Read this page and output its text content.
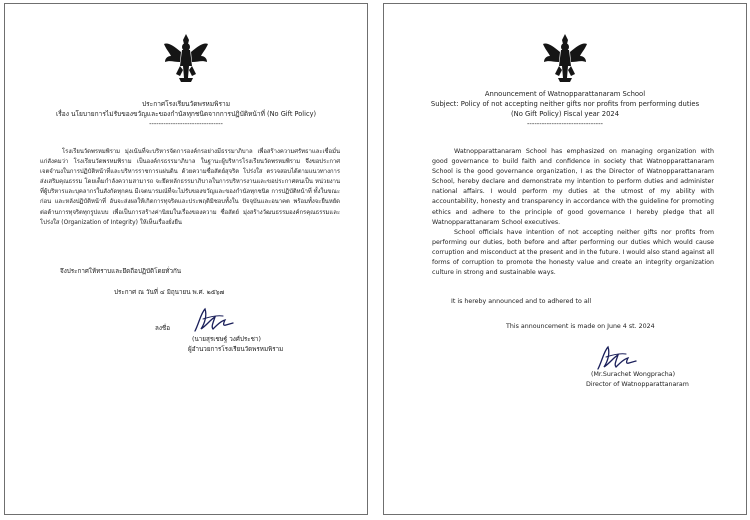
ประกาศโรงเรียนวัดพรหมพิราม
เรื่อง นโยบายการไม่รับของขวัญและของกำนัลทุกชนิดจากการปฏิบัติหน้าที่ (No Gift Policy)
-------------------------------

โรงเรียนวัดพรหมพิราม มุ่งเน้นที่จะบริหารจัดการองค์กรอย่างมีธรรมาภิบาล เพื่อสร้างความศรัทธาและเชื่อมั่นแก่สังคมว่า โรงเรียนวัดพรหมพิราม เป็นองค์กรธรรมาภิบาล ในฐานะผู้บริหารโรงเรียนวัดพรหมพิราม จึงขอประกาศเจตจำนงในการปฏิบัติหน้าที่และบริหารราชการแผ่นดิน ด้วยความซื่อสัตย์สุจริต โปร่งใส ตรวจสอบได้ตามแนวทางการ ส่งเสริมคุณธรรม โดยเต็มกำลังความสามารถ จะยึดหลักธรรมาภิบาลในการบริหารงานและขอประกาศตนเป็น หน่วยงานที่ผู้บริหารและบุคลากรในสังกัดทุกคน มีเจตนารมณ์ที่จะไม่รับของขวัญและของกำนัลทุกชนิด การปฏิบัติหน้าที่ ทั้งในขณะ ก่อน และหลังปฏิบัติหน้าที่ อันจะส่งผลให้เกิดการทุจริตและประพฤติมิชอบทั้งใน ปัจจุบันและอนาคต พร้อมทั้งจะยืนหยัดต่อต้านการทุจริตทุกรูปแบบ เพื่อเป็นการสร้างค่านิยมในเรื่องของความ ซื่อสัตย์ มุ่งสร้างวัฒนธรรมองค์กรคุณธรรมและโปร่งใส (Organization of Integrity) ให้เห็นเรื่องยั่งยืน

จึงประกาศให้ทราบและยึดถือปฏิบัติโดยทั่วกัน
ประกาศ ณ วันที่ ๔ มิถุนายน พ.ศ. ๒๕๖๗
ลงชื่อ
(นายสุรเชษฐ์ วงศ์ประชา)
ผู้อำนวยการโรงเรียนวัดพรหมพิราม
Announcement of Watnopparattanaram School
Subject: Policy of not accepting neither gifts nor profits from performing duties
(No Gift Policy) Fiscal year 2024
-------------------------------

Watnopparattanaram School has emphasized on managing organization with good governance to build faith and confidence in society that Watnopparattanaram School is the good governance organization, I as the Director of Watnopparattanaram School, hereby declare and demonstrate my intention to perform duties and administer national affairs. I would perform my duties at the utmost of my ability with accountability, honesty and transparency in accordance with the guideline for promoting ethics and adhere to the principle of good governance I hereby pledge that all Watnopparattanaram School executives.

School officials have intention of not accepting neither gifts nor profits from performing our duties, both before and after performing our duties which would cause corruption and misconduct at the present and in the future. I would also stand against all forms of corruption to promote the honesty value and create an integrity organization culture in strong and sustainable ways.

It is hereby announced and to adhered to all
This announcement is made on June 4 st. 2024
(Mr.Surachet Wongpracha)
Director of Watnopparattanaram
